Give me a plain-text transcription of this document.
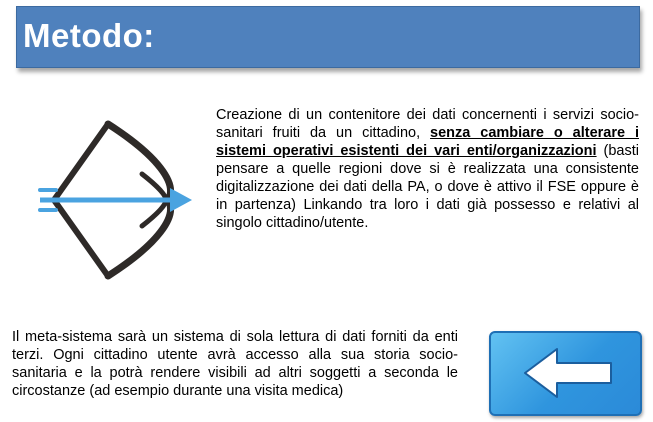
Metodo:
Creazione di un contenitore dei dati concernenti i servizi socio-sanitari fruiti da un cittadino, senza cambiare o alterare i sistemi operativi esistenti dei vari enti/organizzazioni (basti pensare a quelle regioni dove si è realizzata una consistente digitalizzazione dei dati della PA, o dove è attivo il FSE oppure è in partenza) Linkando tra loro i dati già possesso e relativi al singolo cittadino/utente.
Il meta-sistema sarà un sistema di sola lettura di dati forniti da enti terzi. Ogni cittadino utente avrà accesso alla sua storia socio-sanitaria e la potrà rendere visibili ad altri soggetti a seconda le circostanze (ad esempio durante una visita medica)
